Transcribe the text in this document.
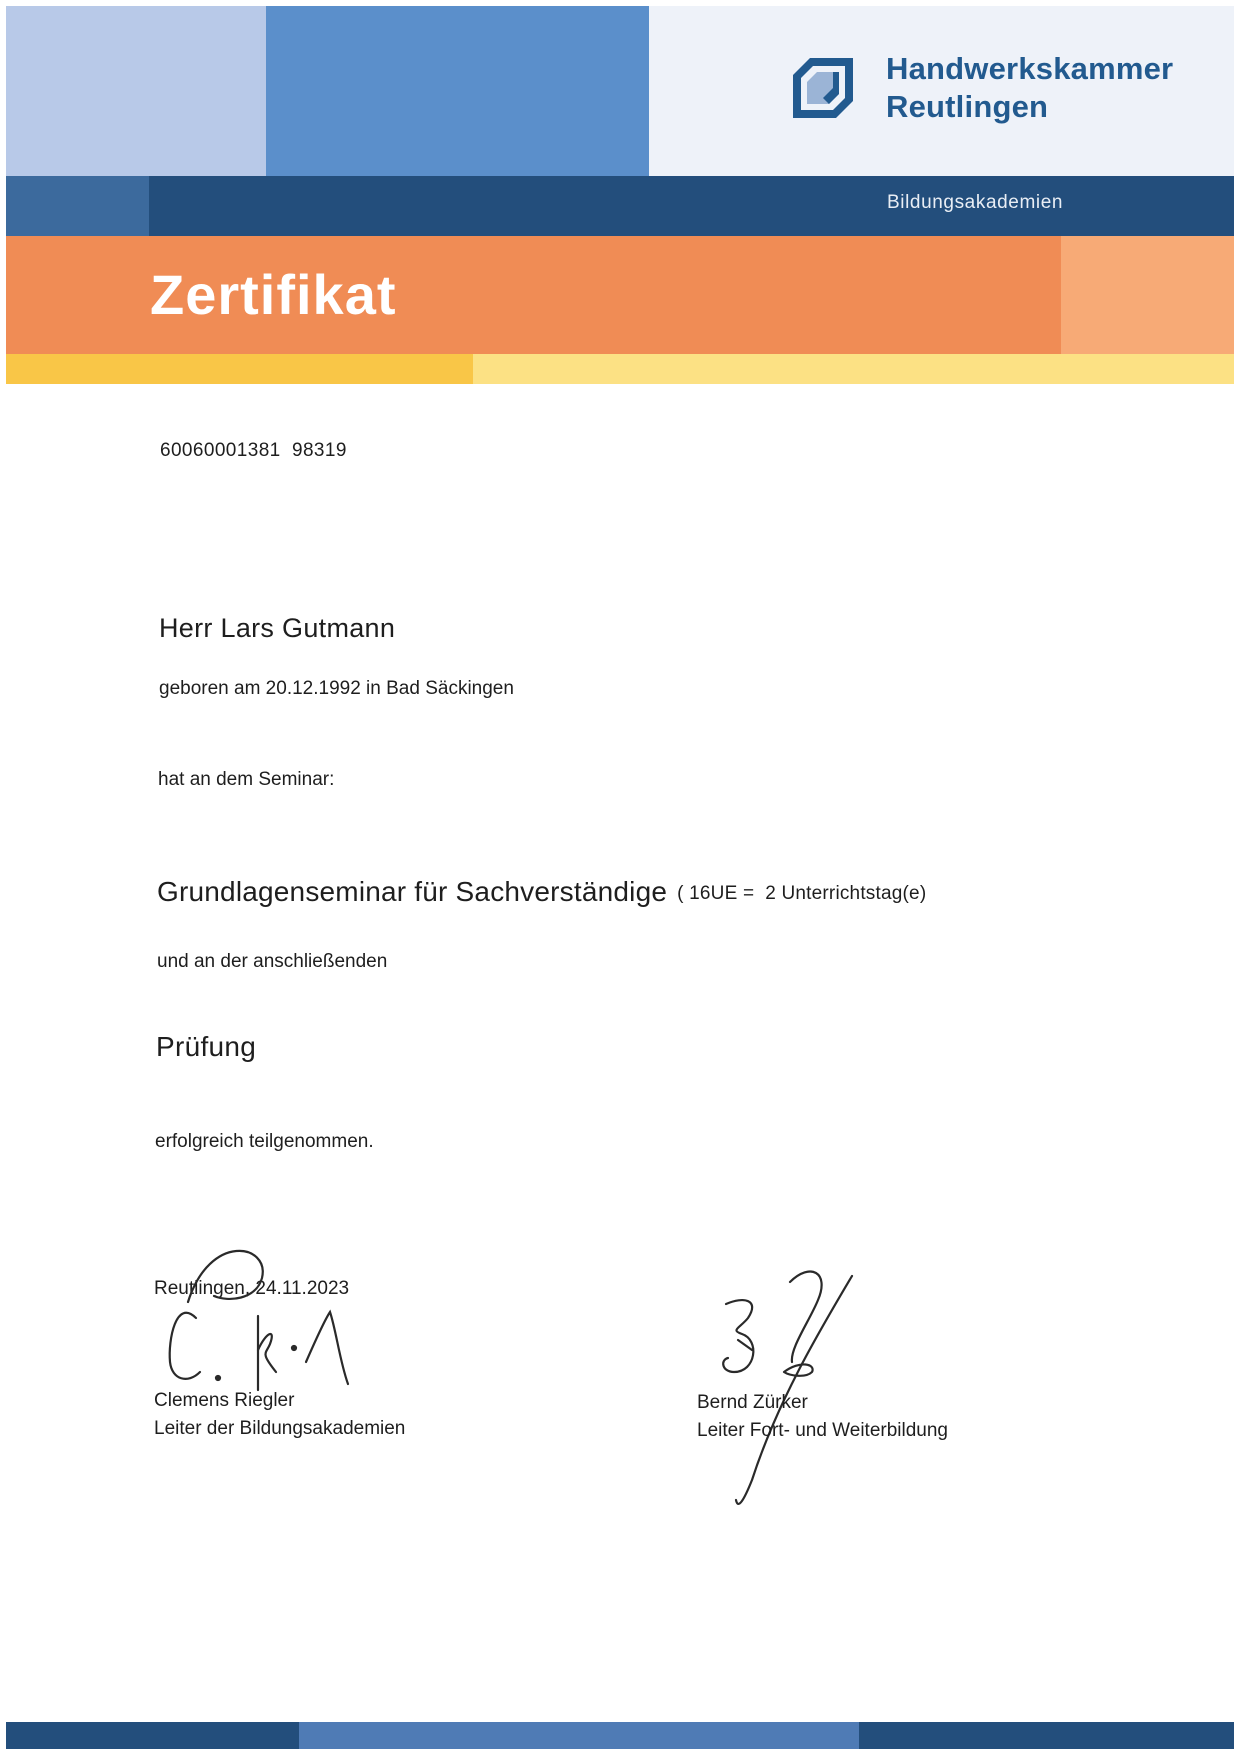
Handwerkskammer
Reutlingen
Bildungsakademien
Zertifikat
60060001381  98319
Herr Lars Gutmann
geboren am 20.12.1992 in Bad Säckingen
hat an dem Seminar:
Grundlagenseminar für Sachverständige ( 16UE =  2 Unterrichtstag(e)
und an der anschließenden
Prüfung
erfolgreich teilgenommen.
Reutlingen, 24.11.2023
Clemens Riegler
Leiter der Bildungsakademien
Bernd Zürker
Leiter Fort- und Weiterbildung
